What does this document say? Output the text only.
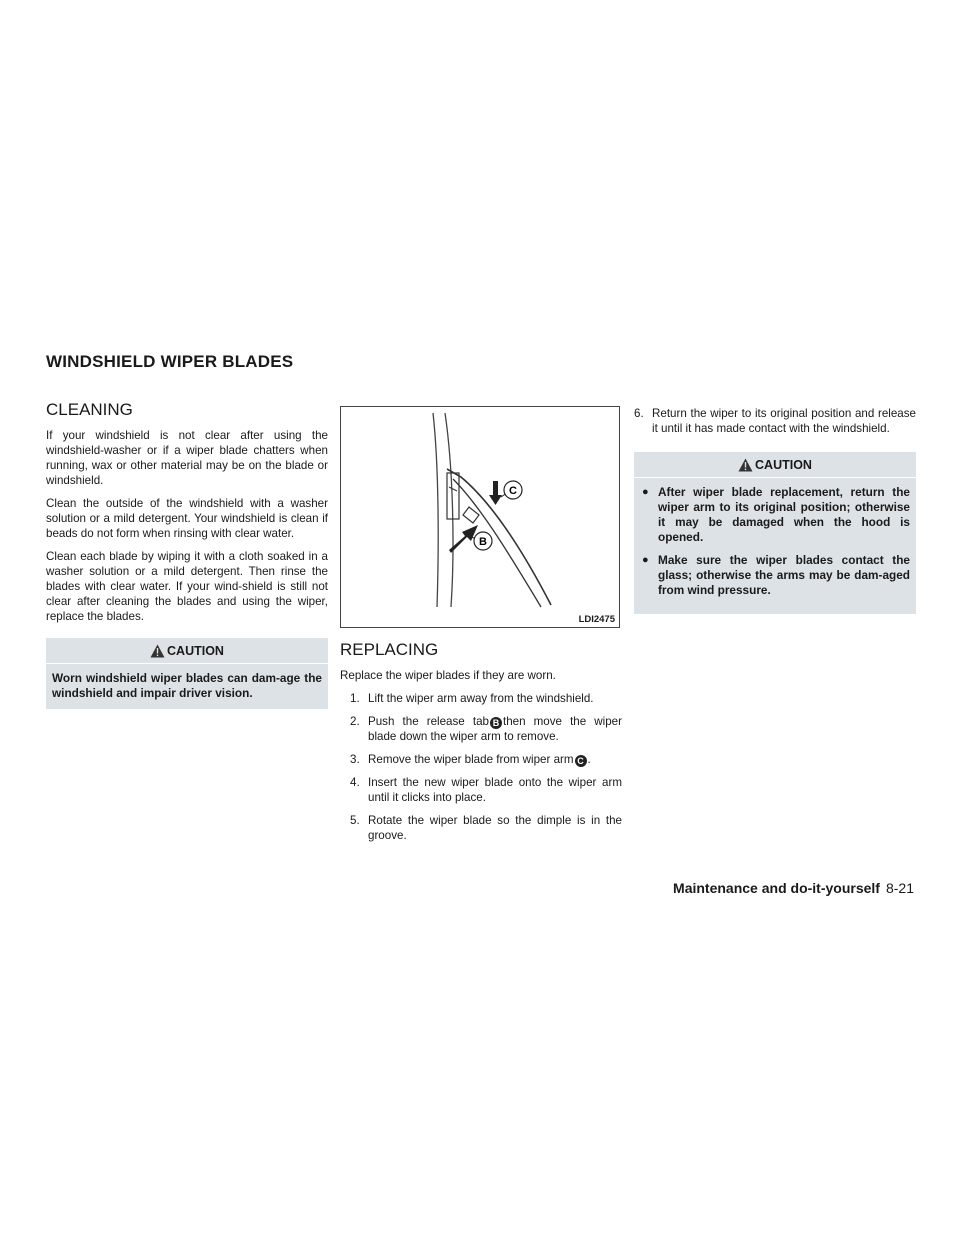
WINDSHIELD WIPER BLADES
CLEANING

If your windshield is not clear after using the windshield-washer or if a wiper blade chatters when running, wax or other material may be on the blade or windshield.

Clean the outside of the windshield with a washer solution or a mild detergent. Your windshield is clean if beads do not form when rinsing with clear water.

Clean each blade by wiping it with a cloth soaked in a washer solution or a mild detergent. Then rinse the blades with clear water. If your wind-shield is still not clear after cleaning the blades and using the wiper, replace the blades.

CAUTION
Worn windshield wiper blades can dam-age the windshield and impair driver vision.
C
B
LDI2475
REPLACING

Replace the wiper blades if they are worn.

1. Lift the wiper arm away from the windshield.
2. Push the release tab B then move the wiper blade down the wiper arm to remove.
3. Remove the wiper blade from wiper arm C .
4. Insert the new wiper blade onto the wiper arm until it clicks into place.
5. Rotate the wiper blade so the dimple is in the groove.
6. Return the wiper to its original position and release it until it has made contact with the windshield.
CAUTION
● After wiper blade replacement, return the wiper arm to its original position; otherwise it may be damaged when the hood is opened.
● Make sure the wiper blades contact the glass; otherwise the arms may be dam-aged from wind pressure.
Maintenance and do-it-yourself 8-21
